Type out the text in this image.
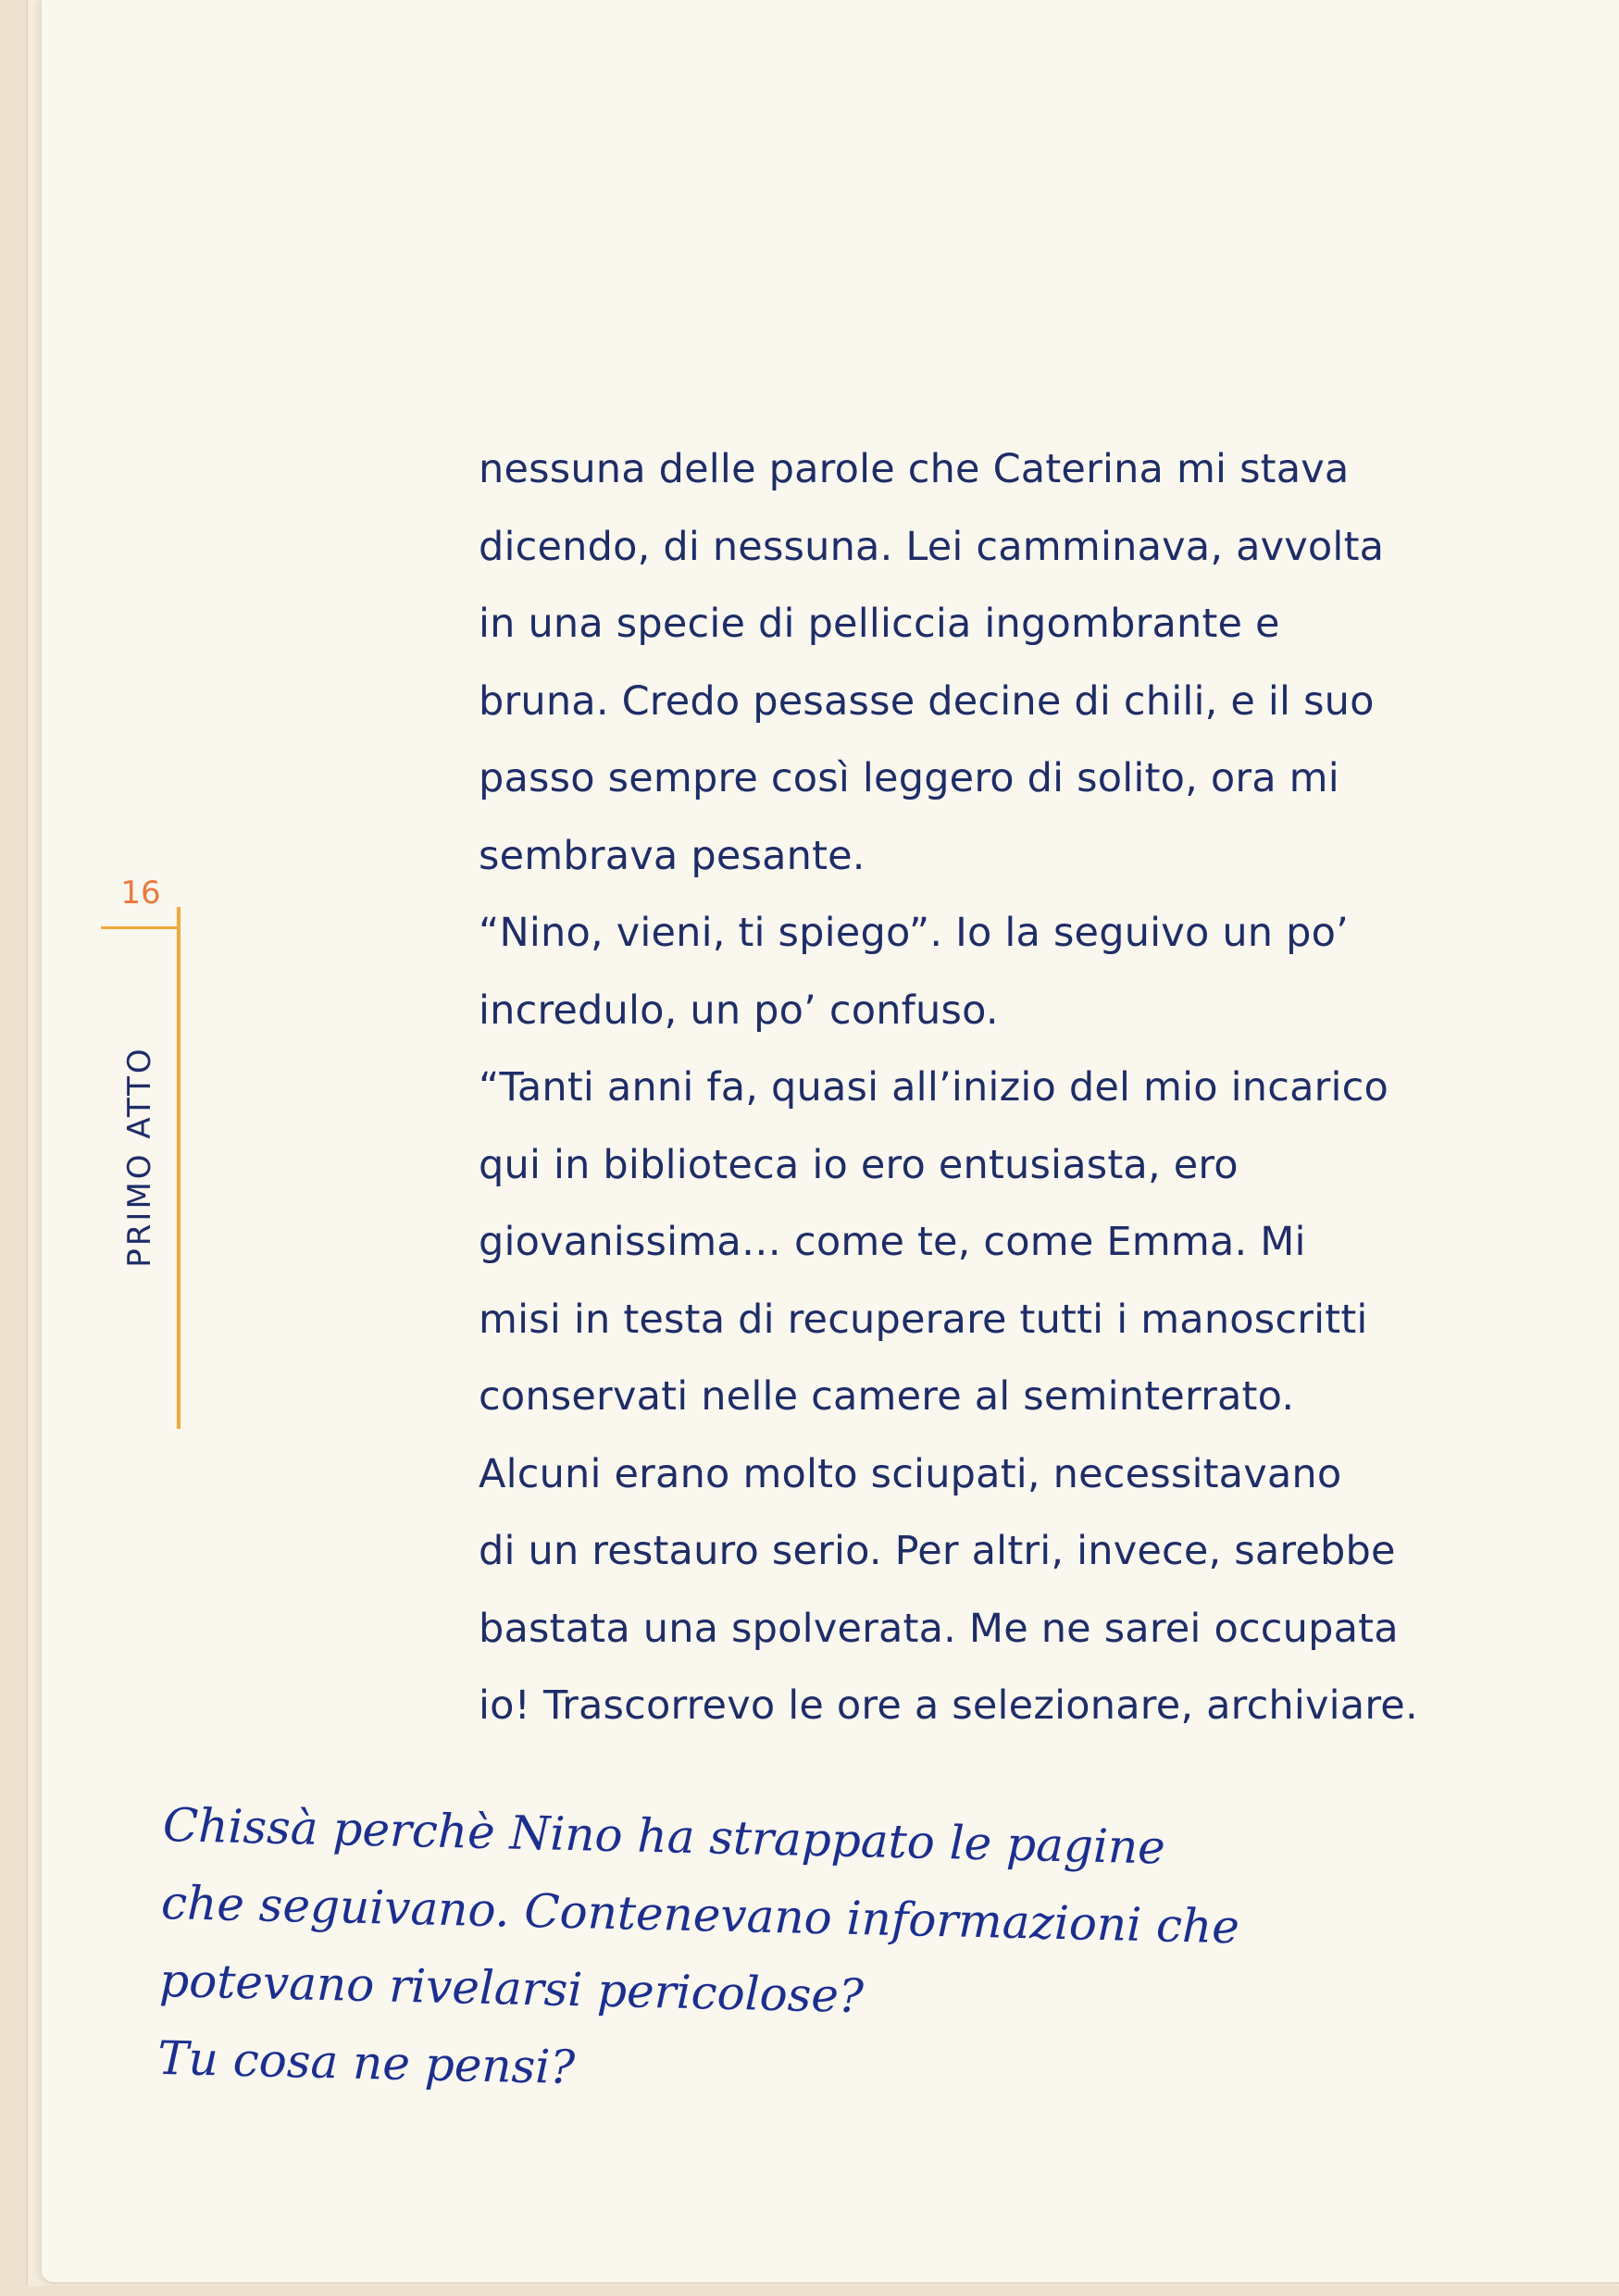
16
PRIMO ATTO
nessuna delle parole che Caterina mi stava
dicendo, di nessuna. Lei camminava, avvolta
in una specie di pelliccia ingombrante e
bruna. Credo pesasse decine di chili, e il suo
passo sempre così leggero di solito, ora mi
sembrava pesante.
“Nino, vieni, ti spiego”. Io la seguivo un po’
incredulo, un po’ confuso.
“Tanti anni fa, quasi all’inizio del mio incarico
qui in biblioteca io ero entusiasta, ero
giovanissima… come te, come Emma. Mi
misi in testa di recuperare tutti i manoscritti
conservati nelle camere al seminterrato.
Alcuni erano molto sciupati, necessitavano
di un restauro serio. Per altri, invece, sarebbe
bastata una spolverata. Me ne sarei occupata
io! Trascorrevo le ore a selezionare, archiviare.
Chissà perchè Nino ha strappato le pagine
che seguivano. Contenevano informazioni che
potevano rivelarsi pericolose?
Tu cosa ne pensi?
